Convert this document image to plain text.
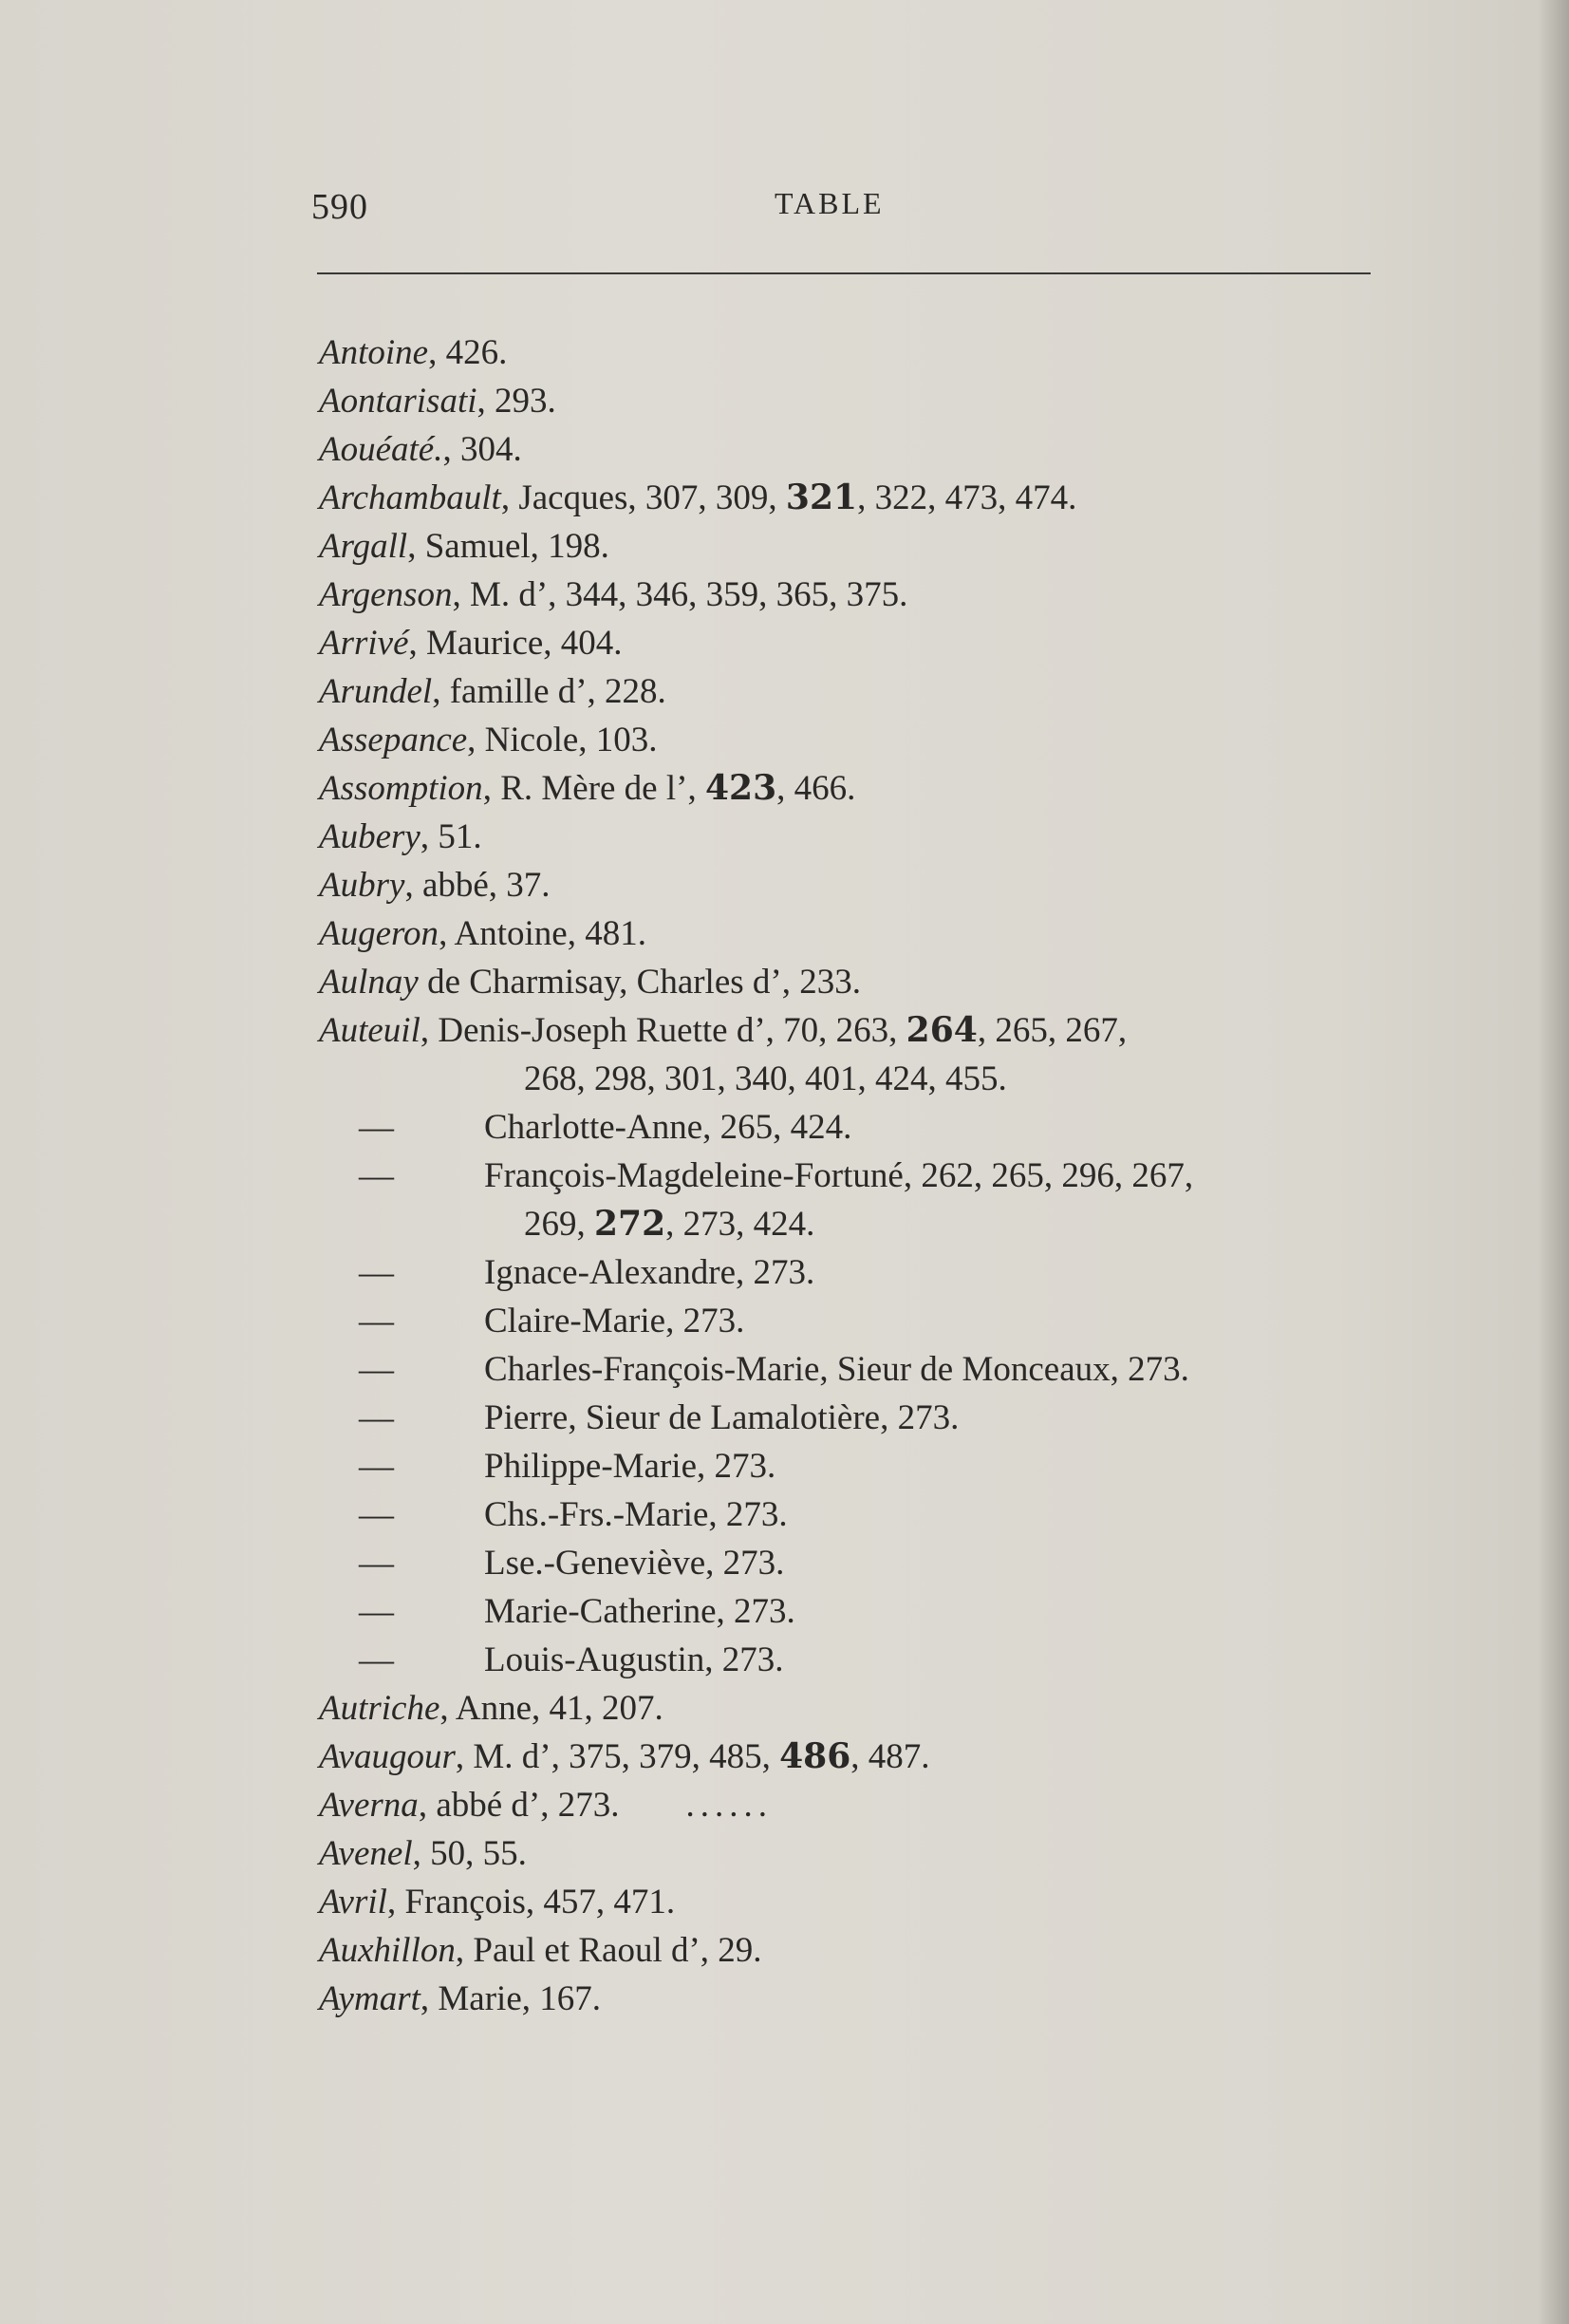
590	TABLE
Antoine, 426.
Aontarisati, 293.
Aouéaté., 304.
Archambault, Jacques, 307, 309, 321, 322, 473, 474.
Argall, Samuel, 198.
Argenson, M. d’, 344, 346, 359, 365, 375.
Arrivé, Maurice, 404.
Arundel, famille d’, 228.
Assepance, Nicole, 103.
Assomption, R. Mère de l’, 423, 466.
Aubery, 51.
Aubry, abbé, 37.
Augeron, Antoine, 481.
Aulnay de Charmisay, Charles d’, 233.
Auteuil, Denis-Joseph Ruette d’, 70, 263, 264, 265, 267,
268, 298, 301, 340, 401, 424, 455.
—	Charlotte-Anne, 265, 424.
—	François-Magdeleine-Fortuné, 262, 265, 296, 267,
269, 272, 273, 424.
—	Ignace-Alexandre, 273.
—	Claire-Marie, 273.
—	Charles-François-Marie, Sieur de Monceaux, 273.
—	Pierre, Sieur de Lamalotière, 273.
—	Philippe-Marie, 273.
—	Chs.-Frs.-Marie, 273.
—	Lse.-Geneviève, 273.
—	Marie-Catherine, 273.
—	Louis-Augustin, 273.
Autriche, Anne, 41, 207.
Avaugour, M. d’, 375, 379, 485, 486, 487.
Averna, abbé d’, 273. ......
Avenel, 50, 55.
Avril, François, 457, 471.
Auxhillon, Paul et Raoul d’, 29.
Aymart, Marie, 167.
